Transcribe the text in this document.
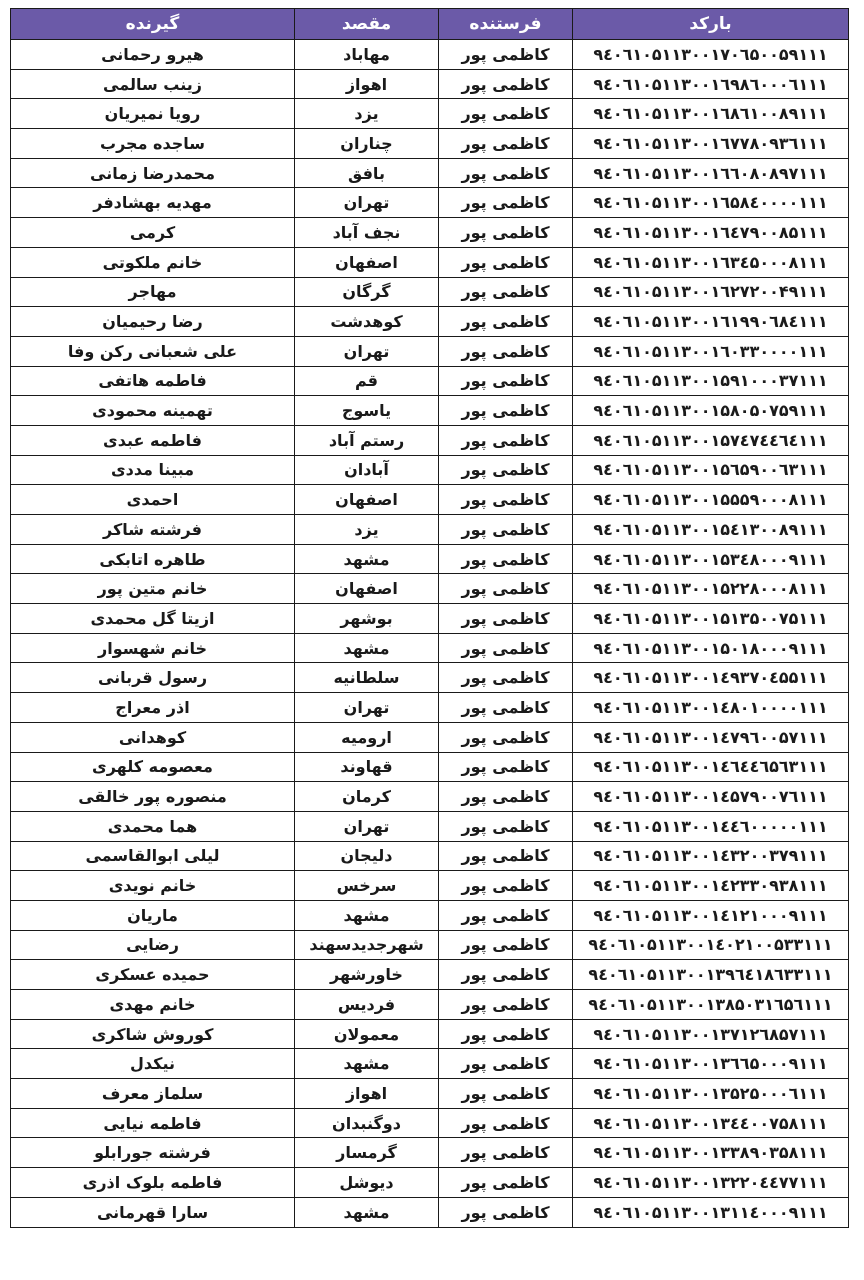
بارکد	فرستنده	مقصد	گیرنده
۹٤۰٦۱۰۵۱۱۳۰۰۱۷۰٦۵۰۰۵۹۱۱۱	کاظمی پور	مهاباد	هیرو رحمانی
۹٤۰٦۱۰۵۱۱۳۰۰۱٦۹۸٦۰۰۰٦۱۱۱	کاظمی پور	اهواز	زینب سالمی
۹٤۰٦۱۰۵۱۱۳۰۰۱٦۸٦۱۰۰۸۹۱۱۱	کاظمی پور	یزد	رویا نمیریان
۹٤۰٦۱۰۵۱۱۳۰۰۱٦۷۷۸۰۹۳٦۱۱۱	کاظمی پور	چناران	ساجده مجرب
۹٤۰٦۱۰۵۱۱۳۰۰۱٦٦۰۸۰۸۹۷۱۱۱	کاظمی پور	بافق	محمدرضا زمانی
۹٤۰٦۱۰۵۱۱۳۰۰۱٦۵۸٤۰۰۰۰۱۱۱	کاظمی پور	تهران	مهدیه بهشادفر
۹٤۰٦۱۰۵۱۱۳۰۰۱٦٤۷۹۰۰۸۵۱۱۱	کاظمی پور	نجف آباد	کرمی
۹٤۰٦۱۰۵۱۱۳۰۰۱٦۳٤۵۰۰۰۸۱۱۱	کاظمی پور	اصفهان	خانم ملکوتی
۹٤۰٦۱۰۵۱۱۳۰۰۱٦۲۷۲۰۰۴۹۱۱۱	کاظمی پور	گرگان	مهاجر
۹٤۰٦۱۰۵۱۱۳۰۰۱٦۱۹۹۰٦۸٤۱۱۱	کاظمی پور	کوهدشت	رضا رحیمیان
۹٤۰٦۱۰۵۱۱۳۰۰۱٦۰۳۳۰۰۰۰۱۱۱	کاظمی پور	تهران	علی شعبانی رکن وفا
۹٤۰٦۱۰۵۱۱۳۰۰۱۵۹۱۰۰۰۳۷۱۱۱	کاظمی پور	قم	فاطمه هاتفی
۹٤۰٦۱۰۵۱۱۳۰۰۱۵۸۰۵۰۷۵۹۱۱۱	کاظمی پور	یاسوج	تهمینه محمودی
۹٤۰٦۱۰۵۱۱۳۰۰۱۵۷٤۷٤٤٦٤۱۱۱	کاظمی پور	رستم آباد	فاطمه عبدی
۹٤۰٦۱۰۵۱۱۳۰۰۱۵٦۵۹۰۰٦۳۱۱۱	کاظمی پور	آبادان	مبینا مددی
۹٤۰٦۱۰۵۱۱۳۰۰۱۵۵۵۹۰۰۰۸۱۱۱	کاظمی پور	اصفهان	احمدی
۹٤۰٦۱۰۵۱۱۳۰۰۱۵٤۱۳۰۰۸۹۱۱۱	کاظمی پور	یزد	فرشته شاکر
۹٤۰٦۱۰۵۱۱۳۰۰۱۵۳٤۸۰۰۰۹۱۱۱	کاظمی پور	مشهد	طاهره اتابکی
۹٤۰٦۱۰۵۱۱۳۰۰۱۵۲۲۸۰۰۰۸۱۱۱	کاظمی پور	اصفهان	خانم متین پور
۹٤۰٦۱۰۵۱۱۳۰۰۱۵۱۳۵۰۰۷۵۱۱۱	کاظمی پور	بوشهر	ازیتا گل محمدی
۹٤۰٦۱۰۵۱۱۳۰۰۱۵۰۱۸۰۰۰۹۱۱۱	کاظمی پور	مشهد	خانم شهسوار
۹٤۰٦۱۰۵۱۱۳۰۰۱٤۹۳۷۰٤۵۵۱۱۱	کاظمی پور	سلطانیه	رسول قربانی
۹٤۰٦۱۰۵۱۱۳۰۰۱٤۸۰۱۰۰۰۰۱۱۱	کاظمی پور	تهران	اذر معراج
۹٤۰٦۱۰۵۱۱۳۰۰۱٤۷۹٦۰۰۵۷۱۱۱	کاظمی پور	ارومیه	کوهدانی
۹٤۰٦۱۰۵۱۱۳۰۰۱٤٦٤٤٦۵٦۳۱۱۱	کاظمی پور	قهاوند	معصومه کلهری
۹٤۰٦۱۰۵۱۱۳۰۰۱٤۵۷۹۰۰۷٦۱۱۱	کاظمی پور	کرمان	منصوره پور خالقی
۹٤۰٦۱۰۵۱۱۳۰۰۱٤٤٦۰۰۰۰۰۱۱۱	کاظمی پور	تهران	هما محمدی
۹٤۰٦۱۰۵۱۱۳۰۰۱٤۳۲۰۰۳۷۹۱۱۱	کاظمی پور	دلیجان	لیلی ابوالقاسمی
۹٤۰٦۱۰۵۱۱۳۰۰۱٤۲۳۳۰۹۳۸۱۱۱	کاظمی پور	سرخس	خانم نویدی
۹٤۰٦۱۰۵۱۱۳۰۰۱٤۱۲۱۰۰۰۹۱۱۱	کاظمی پور	مشهد	ماریان
۹٤۰٦۱۰۵۱۱۳۰۰۱٤۰۲۱۰۰۵۳۳۱۱۱	کاظمی پور	شهرجدیدسهند	رضایی
۹٤۰٦۱۰۵۱۱۳۰۰۱۳۹٦٤۱۸٦۳۳۱۱۱	کاظمی پور	خاورشهر	حمیده عسکری
۹٤۰٦۱۰۵۱۱۳۰۰۱۳۸۵۰۳۱٦۵٦۱۱۱	کاظمی پور	فردیس	خانم مهدی
۹٤۰٦۱۰۵۱۱۳۰۰۱۳۷۱۲٦۸۵۷۱۱۱	کاظمی پور	معمولان	کوروش شاکری
۹٤۰٦۱۰۵۱۱۳۰۰۱۳٦٦۵۰۰۰۹۱۱۱	کاظمی پور	مشهد	نیکدل
۹٤۰٦۱۰۵۱۱۳۰۰۱۳۵۲۵۰۰۰٦۱۱۱	کاظمی پور	اهواز	سلماز معرف
۹٤۰٦۱۰۵۱۱۳۰۰۱۳٤٤۰۰۷۵۸۱۱۱	کاظمی پور	دوگنبدان	فاطمه نیایی
۹٤۰٦۱۰۵۱۱۳۰۰۱۳۳۸۹۰۳۵۸۱۱۱	کاظمی پور	گرمسار	فرشته جورابلو
۹٤۰٦۱۰۵۱۱۳۰۰۱۳۲۲۰٤٤۷۷۱۱۱	کاظمی پور	دیوشل	فاطمه بلوک اذری
۹٤۰٦۱۰۵۱۱۳۰۰۱۳۱۱٤۰۰۰۹۱۱۱	کاظمی پور	مشهد	سارا قهرمانی
